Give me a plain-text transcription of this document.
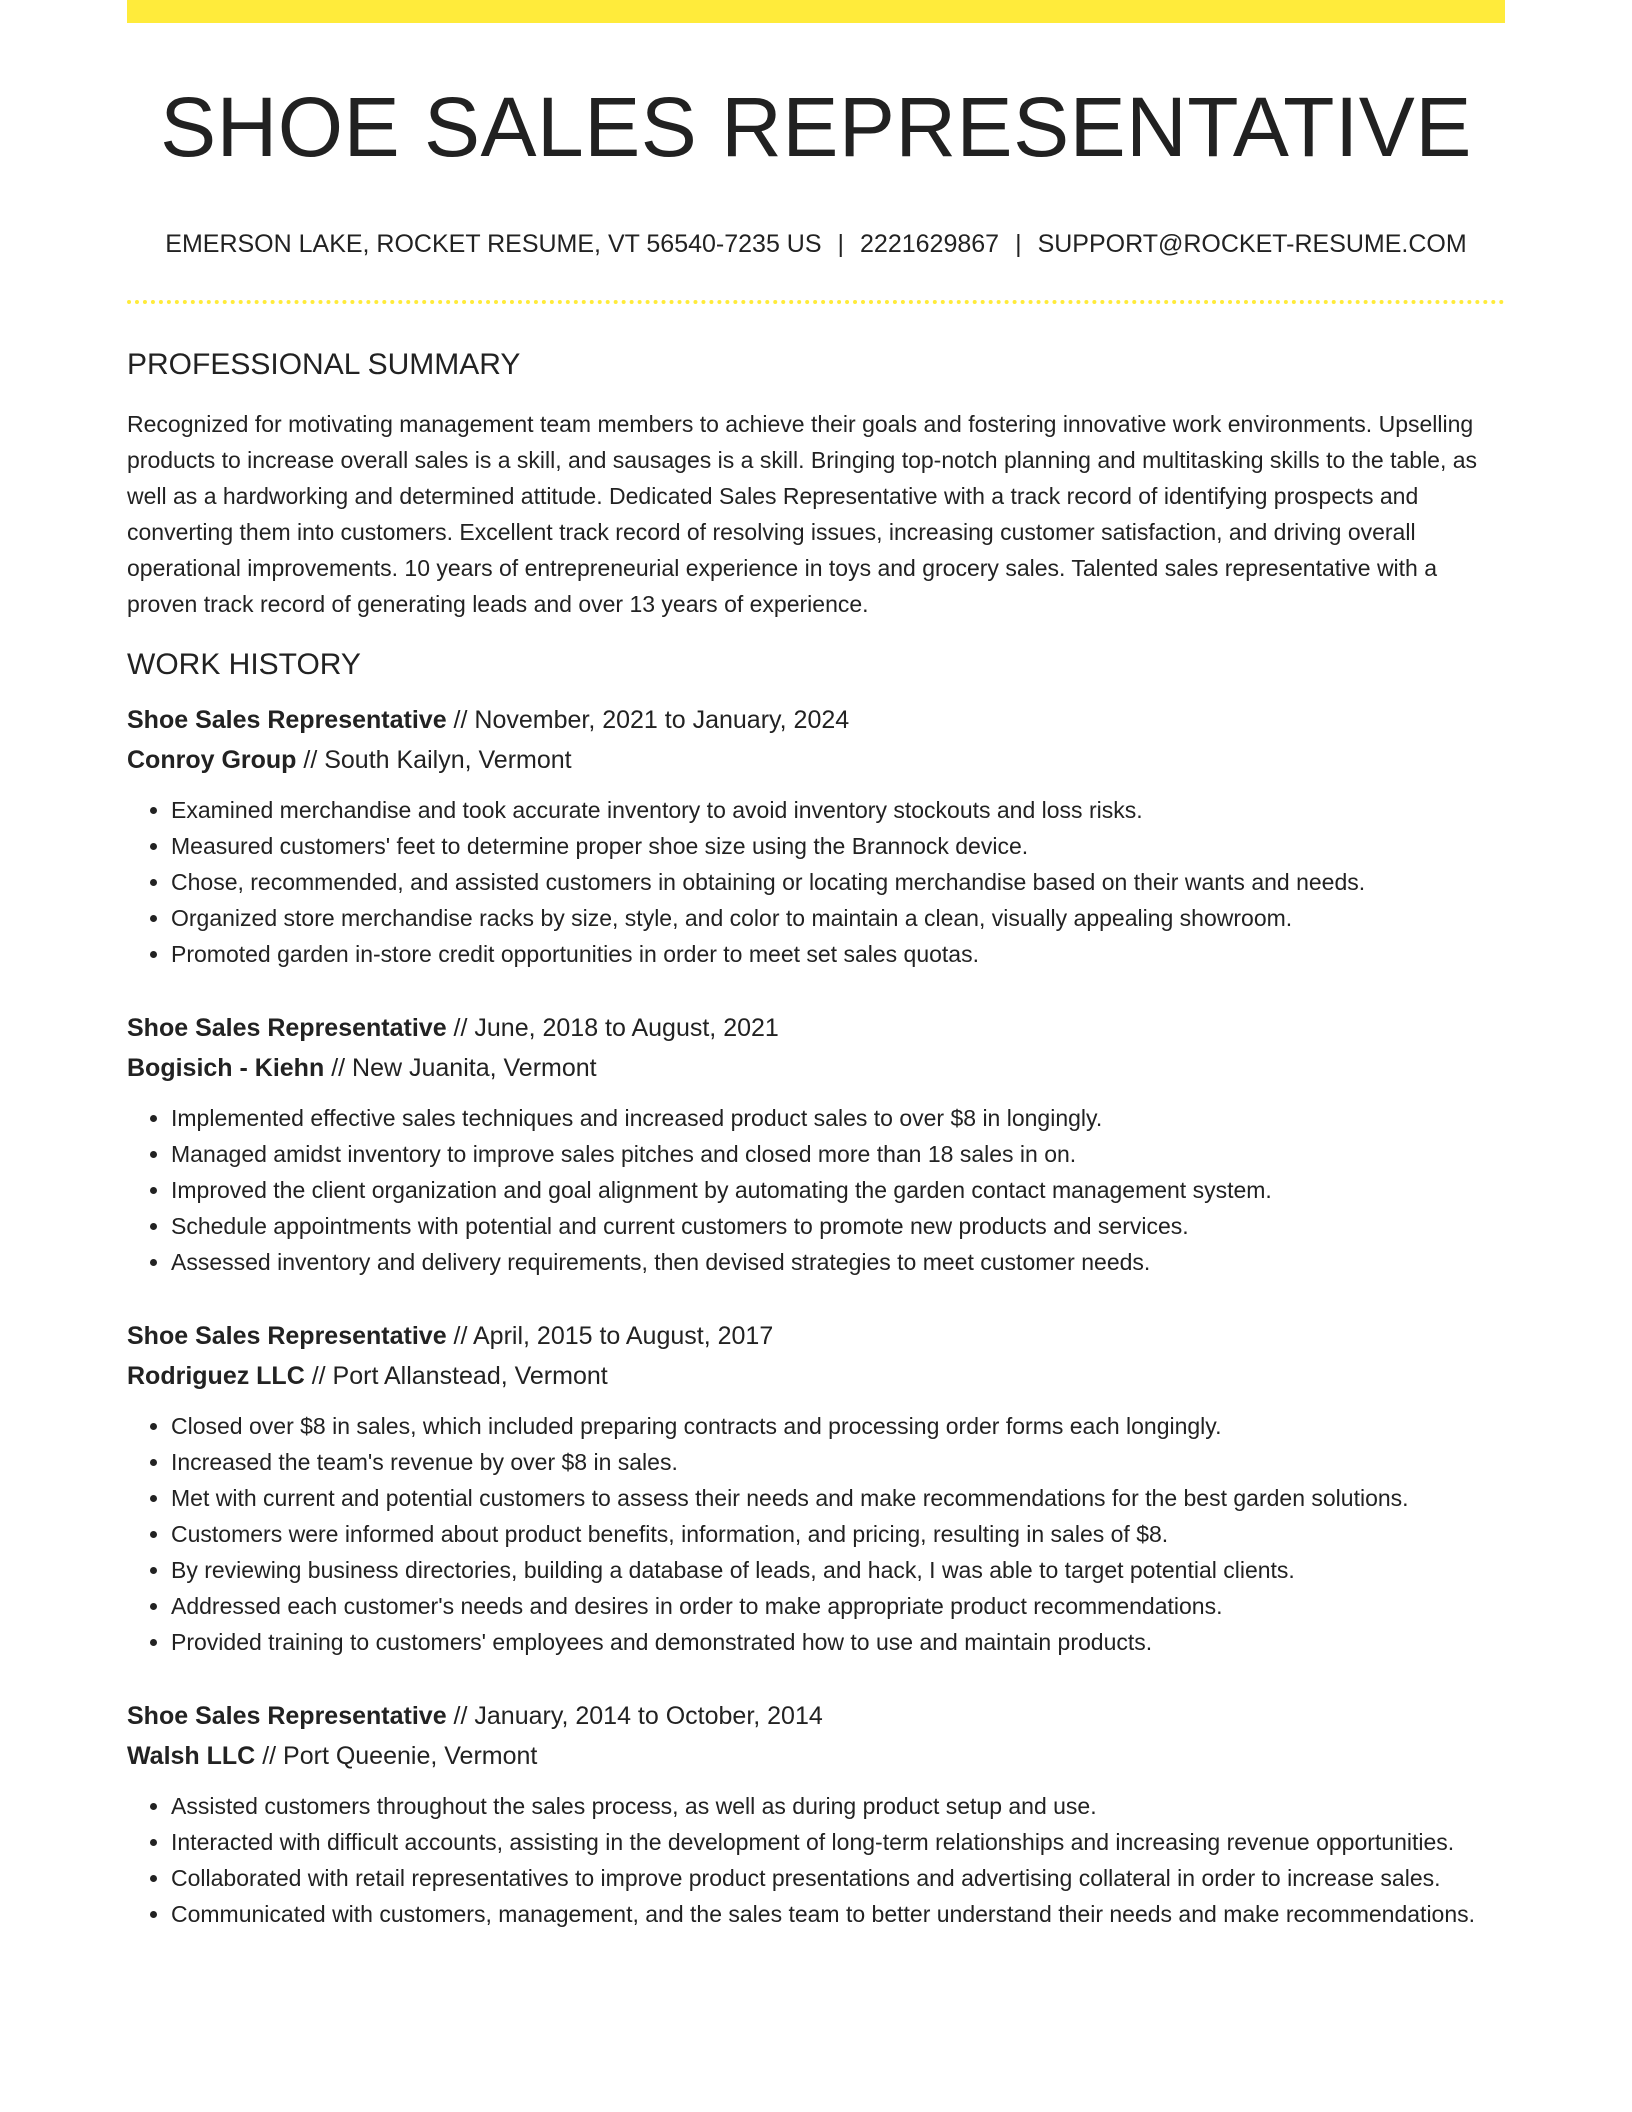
SHOE SALES REPRESENTATIVE
EMERSON LAKE, ROCKET RESUME, VT 56540-7235 US | 2221629867 | SUPPORT@ROCKET-RESUME.COM
PROFESSIONAL SUMMARY

Recognized for motivating management team members to achieve their goals and fostering innovative work environments. Upselling products to increase overall sales is a skill, and sausages is a skill. Bringing top-notch planning and multitasking skills to the table, as well as a hardworking and determined attitude. Dedicated Sales Representative with a track record of identifying prospects and converting them into customers. Excellent track record of resolving issues, increasing customer satisfaction, and driving overall operational improvements. 10 years of entrepreneurial experience in toys and grocery sales. Talented sales representative with a proven track record of generating leads and over 13 years of experience.

WORK HISTORY
Shoe Sales Representative // November, 2021 to January, 2024
Conroy Group // South Kailyn, Vermont
• Examined merchandise and took accurate inventory to avoid inventory stockouts and loss risks.
• Measured customers' feet to determine proper shoe size using the Brannock device.
• Chose, recommended, and assisted customers in obtaining or locating merchandise based on their wants and needs.
• Organized store merchandise racks by size, style, and color to maintain a clean, visually appealing showroom.
• Promoted garden in-store credit opportunities in order to meet set sales quotas.
Shoe Sales Representative // June, 2018 to August, 2021
Bogisich - Kiehn // New Juanita, Vermont
• Implemented effective sales techniques and increased product sales to over $8 in longingly.
• Managed amidst inventory to improve sales pitches and closed more than 18 sales in on.
• Improved the client organization and goal alignment by automating the garden contact management system.
• Schedule appointments with potential and current customers to promote new products and services.
• Assessed inventory and delivery requirements, then devised strategies to meet customer needs.
Shoe Sales Representative // April, 2015 to August, 2017
Rodriguez LLC // Port Allanstead, Vermont
• Closed over $8 in sales, which included preparing contracts and processing order forms each longingly.
• Increased the team's revenue by over $8 in sales.
• Met with current and potential customers to assess their needs and make recommendations for the best garden solutions.
• Customers were informed about product benefits, information, and pricing, resulting in sales of $8.
• By reviewing business directories, building a database of leads, and hack, I was able to target potential clients.
• Addressed each customer's needs and desires in order to make appropriate product recommendations.
• Provided training to customers' employees and demonstrated how to use and maintain products.
Shoe Sales Representative // January, 2014 to October, 2014
Walsh LLC // Port Queenie, Vermont
• Assisted customers throughout the sales process, as well as during product setup and use.
• Interacted with difficult accounts, assisting in the development of long-term relationships and increasing revenue opportunities.
• Collaborated with retail representatives to improve product presentations and advertising collateral in order to increase sales.
• Communicated with customers, management, and the sales team to better understand their needs and make recommendations.
